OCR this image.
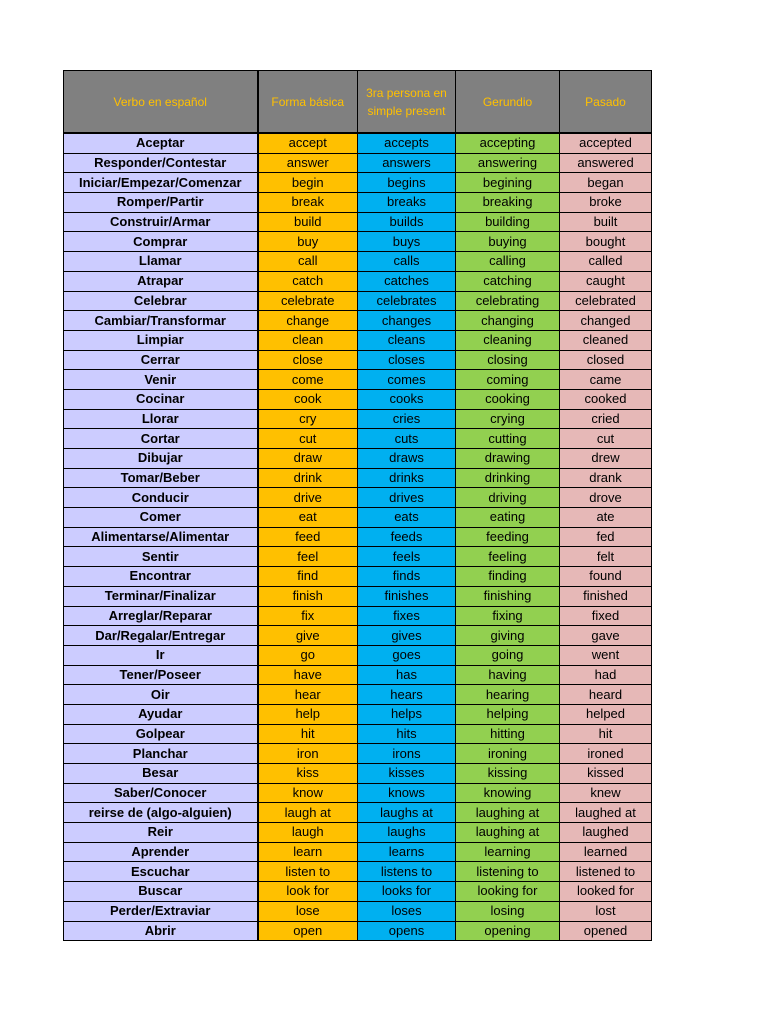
Verbo en español	Forma básica	3ra persona en simple present	Gerundio	Pasado
Aceptar	accept	accepts	accepting	accepted
Responder/Contestar	answer	answers	answering	answered
Iniciar/Empezar/Comenzar	begin	begins	begining	began
Romper/Partir	break	breaks	breaking	broke
Construir/Armar	build	builds	building	built
Comprar	buy	buys	buying	bought
Llamar	call	calls	calling	called
Atrapar	catch	catches	catching	caught
Celebrar	celebrate	celebrates	celebrating	celebrated
Cambiar/Transformar	change	changes	changing	changed
Limpiar	clean	cleans	cleaning	cleaned
Cerrar	close	closes	closing	closed
Venir	come	comes	coming	came
Cocinar	cook	cooks	cooking	cooked
Llorar	cry	cries	crying	cried
Cortar	cut	cuts	cutting	cut
Dibujar	draw	draws	drawing	drew
Tomar/Beber	drink	drinks	drinking	drank
Conducir	drive	drives	driving	drove
Comer	eat	eats	eating	ate
Alimentarse/Alimentar	feed	feeds	feeding	fed
Sentir	feel	feels	feeling	felt
Encontrar	find	finds	finding	found
Terminar/Finalizar	finish	finishes	finishing	finished
Arreglar/Reparar	fix	fixes	fixing	fixed
Dar/Regalar/Entregar	give	gives	giving	gave
Ir	go	goes	going	went
Tener/Poseer	have	has	having	had
Oir	hear	hears	hearing	heard
Ayudar	help	helps	helping	helped
Golpear	hit	hits	hitting	hit
Planchar	iron	irons	ironing	ironed
Besar	kiss	kisses	kissing	kissed
Saber/Conocer	know	knows	knowing	knew
reirse de (algo-alguien)	laugh at	laughs at	laughing at	laughed at
Reir	laugh	laughs	laughing at	laughed
Aprender	learn	learns	learning	learned
Escuchar	listen to	listens to	listening to	listened to
Buscar	look for	looks for	looking for	looked for
Perder/Extraviar	lose	loses	losing	lost
Abrir	open	opens	opening	opened
